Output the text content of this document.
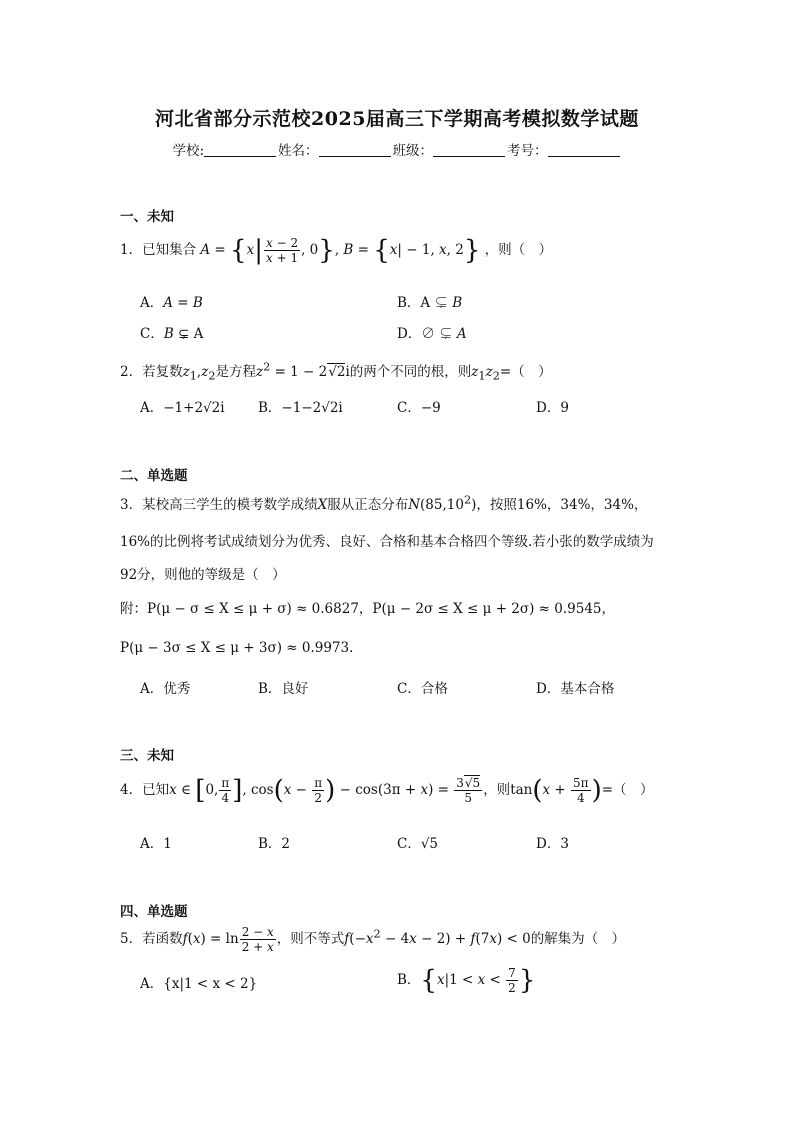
河北省部分示范校2025届高三下学期高考模拟数学试题
学校:	姓名：	班级：	考号：
一、未知
1．已知集合 $A = \{x| \frac{x - 2}{x + 1}$ , 0}, B = {x| − 1, x, 2} ，则（　）
A．A = B	B．A ⊊ B
C．B ⊊ A	D．∅ ⊊ A
2．若复数$z_1,z_2$是方程$z^2 = 1 - 2√2i$的两个不同的根，则$z_1z_2=$（　）
A．−1+2√2i B．−1−2√2i	C．−9	D．9
二、单选题
3．某校高三学生的模考数学成绩X服从正态分布N(85,10$^2$)，按照16%，34%，34%，
16%的比例将考试成绩划分为优秀、良好、合格和基本合格四个等级.若小张的数学成绩为
92分，则他的等级是（　）
附：P(μ − σ ≤ X ≤ μ + σ) ≈ 0.6827，P(μ − 2σ ≤ X ≤ μ + 2σ) ≈ 0.9545，
P(μ − 3σ ≤ X ≤ μ + 3σ) ≈ 0.9973.
A．优秀	B．良好	C．合格	D．基本合格
三、未知
4．已知x ∈ [0, $\frac{\pi}{4}$ ], $\cos(x - \frac{\pi}{2}$ ) − $\cos(3\pi + x) = \frac{3√5}{5}$ ，则$\tan(x + \frac{5\pi}{4}$ )=（　）
A．1	B．2	C．√5	D．3
四、单选题
5．若函数$f(x) = \ln \frac{2 - x}{2 + x}$ ，则不等式$f(-x^2 - 4x - 2) + f(7x) < 0$的解集为（　）
A．{x|1 < x < 2}	B．{$x|1 < x < \frac{7}{2}$ }
